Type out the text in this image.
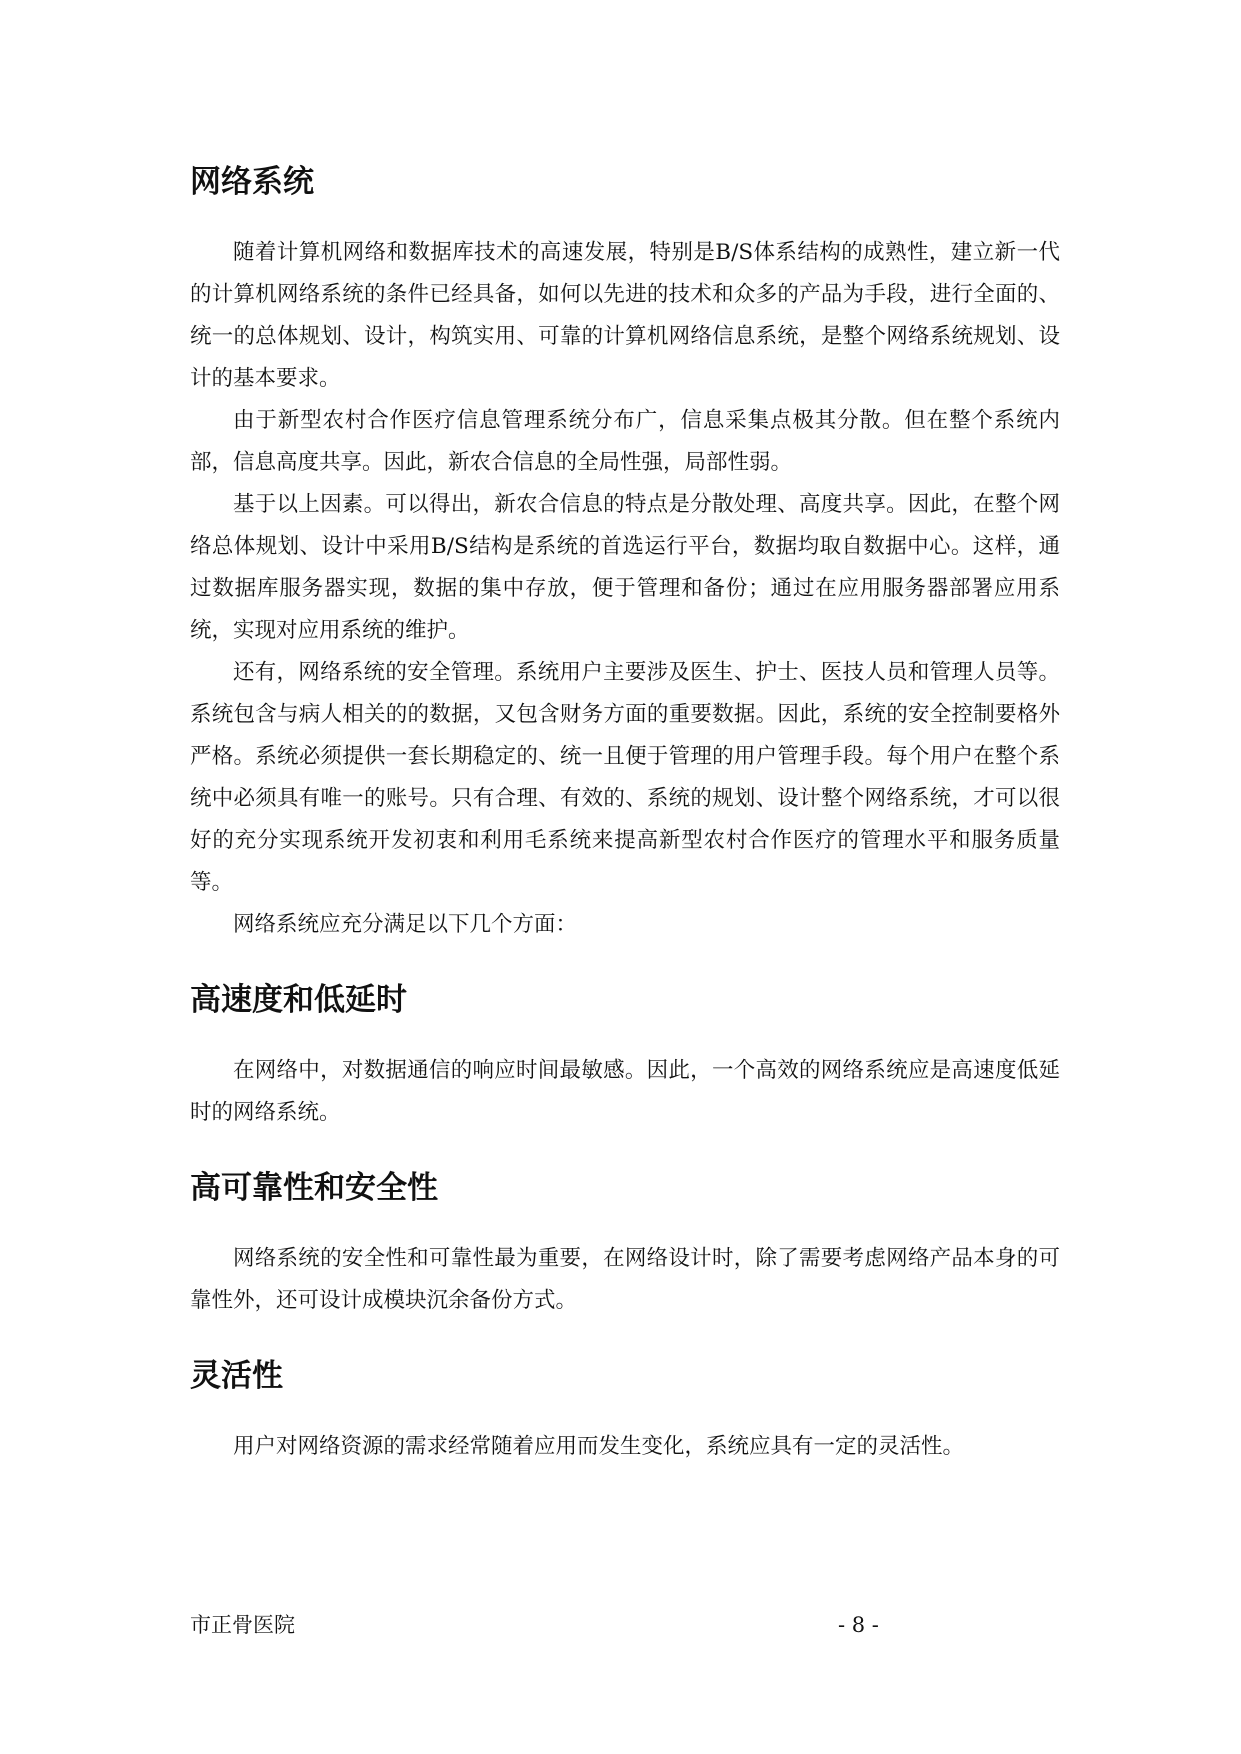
网络系统

随着计算机网络和数据库技术的高速发展，特别是B/S体系结构的成熟性，建立新一代的计算机网络系统的条件已经具备，如何以先进的技术和众多的产品为手段，进行全面的、统一的总体规划、设计，构筑实用、可靠的计算机网络信息系统，是整个网络系统规划、设计的基本要求。

由于新型农村合作医疗信息管理系统分布广，信息采集点极其分散。但在整个系统内部，信息高度共享。因此，新农合信息的全局性强，局部性弱。

基于以上因素。可以得出，新农合信息的特点是分散处理、高度共享。因此，在整个网络总体规划、设计中采用B/S结构是系统的首选运行平台，数据均取自数据中心。这样，通过数据库服务器实现，数据的集中存放，便于管理和备份；通过在应用服务器部署应用系统，实现对应用系统的维护。

还有，网络系统的安全管理。系统用户主要涉及医生、护士、医技人员和管理人员等。系统包含与病人相关的的数据，又包含财务方面的重要数据。因此，系统的安全控制要格外严格。系统必须提供一套长期稳定的、统一且便于管理的用户管理手段。每个用户在整个系统中必须具有唯一的账号。只有合理、有效的、系统的规划、设计整个网络系统，才可以很好的充分实现系统开发初衷和利用毛系统来提高新型农村合作医疗的管理水平和服务质量等。

网络系统应充分满足以下几个方面：

高速度和低延时

在网络中，对数据通信的响应时间最敏感。因此，一个高效的网络系统应是高速度低延时的网络系统。

高可靠性和安全性

网络系统的安全性和可靠性最为重要，在网络设计时，除了需要考虑网络产品本身的可靠性外，还可设计成模块沉余备份方式。

灵活性

用户对网络资源的需求经常随着应用而发生变化，系统应具有一定的灵活性。

市正骨医院	- 8 -
